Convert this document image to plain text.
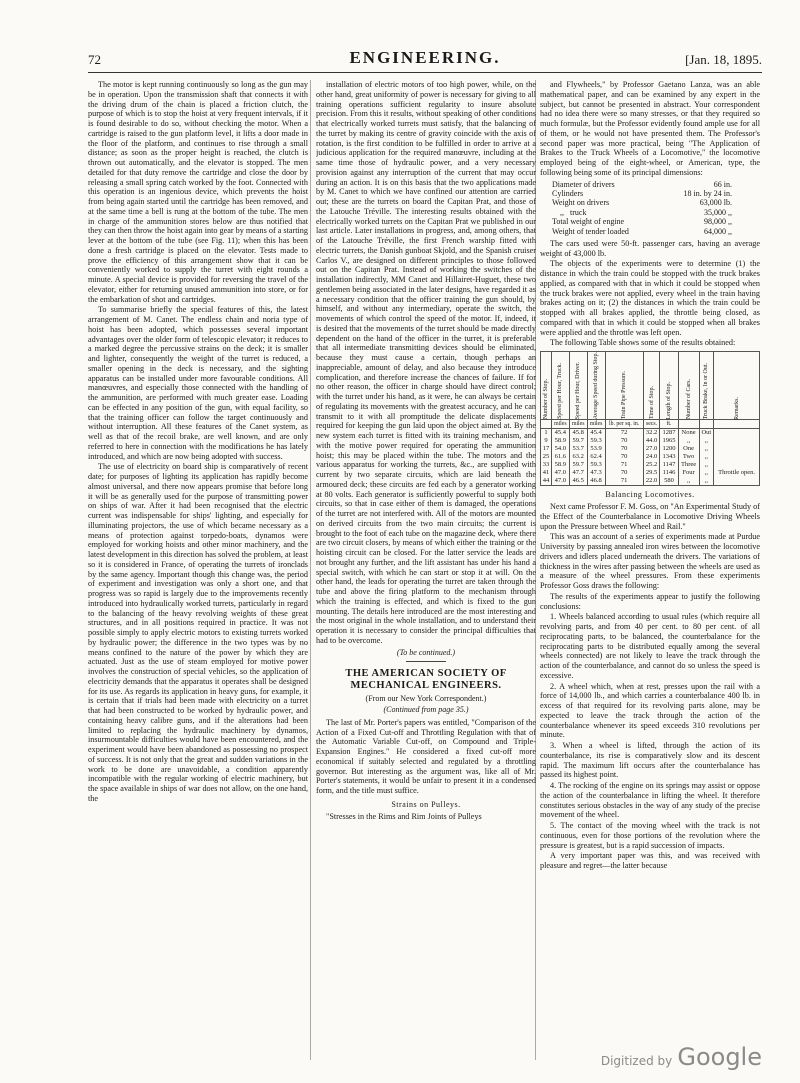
72	ENGINEERING.	[Jan. 18, 1895.

The motor is kept running continuously so long as the gun may be in operation. Upon the transmission shaft that connects it with the driving drum of the chain is placed a friction clutch, the purpose of which is to stop the hoist at very frequent intervals, if it is found desirable to do so, without checking the motor. When a cartridge is raised to the gun platform level, it lifts a door made in the floor of the platform, and continues to rise through a small distance; as soon as the proper height is reached, the clutch is thrown out automatically, and the elevator is stopped. The men detailed for that duty remove the cartridge and close the door by releasing a small spring catch worked by the foot. Connected with this operation is an ingenious device, which prevents the hoist from being again started until the cartridge has been removed, and at the same time a bell is rung at the bottom of the tube. The men in charge of the ammunition stores below are thus notified that they can then throw the hoist again into gear by means of a starting lever at the bottom of the tube (see Fig. 11); when this has been done a fresh cartridge is placed on the elevator. Tests made to prove the efficiency of this arrangement show that it can be conveniently worked to supply the turret with eight rounds a minute. A special device is provided for reversing the travel of the elevator, either for returning unused ammunition into store, or for the embarkation of shot and cartridges.

To summarise briefly the special features of this, the latest arrangement of M. Canet. The endless chain and noria type of hoist has been adopted, which possesses several important advantages over the older form of telescopic elevator; it reduces to a marked degree the percussive strains on the deck; it is smaller and lighter, consequently the weight of the turret is reduced, a smaller opening in the deck is necessary, and the sighting apparatus can be installed under more favourable conditions. All manœuvres, and especially those connected with the handling of the ammunition, are performed with much greater ease. Loading can be effected in any position of the gun, with equal facility, so that the training officer can follow the target continuously and without interruption. All these features of the Canet system, as well as that of the recoil brake, are well known, and are only referred to here in connection with the modifications he has lately introduced, and which are now being adopted with success.

The use of electricity on board ship is comparatively of recent date; for purposes of lighting its application has rapidly become almost universal, and there now appears promise that before long it will be as generally used for the purpose of transmitting power on ships of war. After it had been recognised that the electric current was indispensable for ships' lighting, and especially for illuminating projectors, the use of which became necessary as a means of protection against torpedo-boats, dynamos were employed for working hoists and other minor machinery, and the latest development in this direction has solved the problem, at least so it is considered in France, of operating the turrets of ironclads by the same agency. Important though this change was, the period of experiment and investigation was only a short one, and that progress was so rapid is largely due to the improvements recently introduced into hydraulically worked turrets, particularly in regard to the balancing of the heavy revolving weights of these great structures, and in all positions required in practice. It was not possible simply to apply electric motors to existing turrets worked by hydraulic power; the difference in the two types was by no means confined to the nature of the power by which they are actuated. Just as the use of steam employed for motive power involves the construction of special vehicles, so the application of electricity demands that the apparatus it operates shall be designed for its use. As regards its application in heavy guns, for example, it is certain that if trials had been made with electricity on a turret that had been constructed to be worked by hydraulic power, and containing heavy calibre guns, and if the alterations had been limited to replacing the hydraulic machinery by dynamos, insurmountable difficulties would have been encountered, and the experiment would have been abandoned as possessing no prospect of success. It is not only that the great and sudden variations in the work to be done are unavoidable, a condition apparently incompatible with the regular working of electric machinery, but the space available in ships of war does not allow, on the one hand, the

installation of electric motors of too high power, while, on the other hand, great uniformity of power is necessary for giving to all training operations sufficient regularity to insure absolute precision. From this it results, without speaking of other conditions that electrically worked turrets must satisfy, that the balancing of the turret by making its centre of gravity coincide with the axis of rotation, is the first condition to be fulfilled in order to arrive at a judicious application for the required manœuvre, including at the same time those of hydraulic power, and a very necessary provision against any interruption of the current that may occur during an action. It is on this basis that the two applications made by M. Canet to which we have confined our attention are carried out; these are the turrets on board the Capitan Prat, and those of the Latouche Tréville. The interesting results obtained with the electrically worked turrets on the Capitan Prat we published in our last article. Later installations in progress, and, among others, that of the Latouche Tréville, the first French warship fitted with electric turrets, the Danish gunboat Skjold, and the Spanish cruiser Carlos V., are designed on different principles to those followed out on the Capitan Prat. Instead of working the switches of the installation indirectly, MM Canet and Hillairet-Huguet, these two gentlemen being associated in the later designs, have regarded it as a necessary condition that the officer training the gun should, by himself, and without any intermediary, operate the switch, the movements of which control the speed of the motor. If, indeed, it is desired that the movements of the turret should be made directly dependent on the hand of the officer in the turret, it is preferable that all intermediate transmitting devices should be eliminated, because they must cause a certain, though perhaps an inappreciable, amount of delay, and also because they introduce complication, and therefore increase the chances of failure. If for no other reason, the officer in charge should have direct control; with the turret under his hand, as it were, he can always be certain of regulating its movements with the greatest accuracy, and he can transmit to it with all promptitude the delicate displacements required for keeping the gun laid upon the object aimed at. By the new system each turret is fitted with its training mechanism, and with the motive power required for operating the ammunition hoist; this may be placed within the tube. The motors and the various apparatus for working the turrets, &c., are supplied with current by two separate circuits, which are laid beneath the armoured deck; these circuits are fed each by a generator working at 80 volts. Each generator is sufficiently powerful to supply both circuits, so that in case either of them is damaged, the operations of the turret are not interfered with. All of the motors are mounted on derived circuits from the two main circuits; the current is brought to the foot of each tube on the magazine deck, where there are two circuit closers, by means of which either the training or the hoisting circuit can be closed. For the latter service the leads are not brought any further, and the lift assistant has under his hand a special switch, with which he can start or stop it at will. On the other hand, the leads for operating the turret are taken through the tube and above the firing platform to the mechanism through which the training is effected, and which is fixed to the gun mounting. The details here introduced are the most interesting and the most original in the whole installation, and to understand their operation it is necessary to consider the principal difficulties that had to be overcome.

(To be continued.)
THE AMERICAN SOCIETY OF
MECHANICAL ENGINEERS.
(From our New York Correspondent.)
(Continued from page 35.)

The last of Mr. Porter's papers was entitled, "Comparison of the Action of a Fixed Cut-off and Throttling Regulation with that of the Automatic Variable Cut-off, on Compound and Triple-Expansion Engines." He considered a fixed cut-off more economical if suitably selected and regulated by a throttling governor. But interesting as the argument was, like all of Mr. Porter's statements, it would be unfair to present it in a condensed form, and the title must suffice.

Strains on Pulleys.

"Stresses in the Rims and Rim Joints of Pulleys

and Flywheels," by Professor Gaetano Lanza, was an able mathematical paper, and can be examined by any expert in the subject, but cannot be presented in abstract. Your correspondent had no idea there were so many stresses, or that they required so much formulæ, but the Professor evidently found ample use for all of them, or he would not have presented them. The Professor's second paper was more practical, being "The Application of Brakes to the Truck Wheels of a Locomotive," the locomotive employed being of the eight-wheel, or American, type, the following being some of its principal dimensions:

Diameter of drivers	66 in.
Cylinders	18 in. by 24 in.
Weight on drivers	63,000 lb.
,,   truck	35,000 ,,
Total weight of engine	98,000 ,,
Weight of tender loaded	64,000 ,,

The cars used were 50-ft. passenger cars, having an average weight of 43,000 lb.

The objects of the experiments were to determine (1) the distance in which the train could be stopped with the truck brakes applied, as compared with that in which it could be stopped when the truck brakes were not applied, every wheel in the train having brakes acting on it; (2) the distances in which the train could be stopped with all brakes applied, the throttle being closed, as compared with that in which it could be stopped when all brakes were applied and the throttle was left open.

The following Table shows some of the results obtained:

Number of Stop.	Speed per Hour, Truck.	Speed per Hour, Driver.	Average Speed during Stop.	Train Pipe Pressure.	Time of Stop.	Length of Stop.	Number of Cars.	Truck Brake, In or Out.	Remarks.

	miles	miles	miles	lb. per sq. in.	secs.	ft.			
1	45.4	45.8	45.4	72	32.2	1287	None	Out	
9	58.9	59.7	59.3	70	44.0	1965	,,	,,	
17	54.0	53.7	53.9	70	27.0	1200	One	,,	
25	61.6	63.2	62.4	70	24.0	1343	Two	,,	
33	58.9	59.7	59.3	71	25.2	1147	Three	,,	
41	47.0	47.7	47.3	70	29.5	1146	Four	,,	Throttle open.
44	47.0	46.5	46.8	71	22.0	580	,,	,,	
Balancing Locomotives.

Next came Professor F. M. Goss, on "An Experimental Study of the Effect of the Counterbalance in Locomotive Driving Wheels upon the Pressure between Wheel and Rail."

This was an account of a series of experiments made at Purdue University by passing annealed iron wires between the locomotive drivers and idlers placed underneath the drivers. The variations of thickness in the wires after passing between the wheels are used as a measure of the wheel pressures. From these experiments Professor Goss draws the following:

The results of the experiments appear to justify the following conclusions:

1. Wheels balanced according to usual rules (which require all revolving parts, and from 40 per cent. to 80 per cent. of all reciprocating parts, to be balanced, the counterbalance for the reciprocating parts to be distributed equally among the several wheels connected) are not likely to leave the track through the action of the counterbalance, and cannot do so unless the speed is excessive.

2. A wheel which, when at rest, presses upon the rail with a force of 14,000 lb., and which carries a counterbalance 400 lb. in excess of that required for its revolving parts alone, may be expected to leave the track through the action of the counterbalance whenever its speed exceeds 310 revolutions per minute.

3. When a wheel is lifted, through the action of its counterbalance, its rise is comparatively slow and its descent rapid. The maximum lift occurs after the counterbalance has passed its highest point.

4. The rocking of the engine on its springs may assist or oppose the action of the counterbalance in lifting the wheel. It therefore constitutes serious obstacles in the way of any study of the precise movement of the wheel.

5. The contact of the moving wheel with the track is not continuous, even for those portions of the revolution where the pressure is greatest, but is a rapid succession of impacts.

A very important paper was this, and was received with pleasure and regret—the latter because

Digitized by Google
